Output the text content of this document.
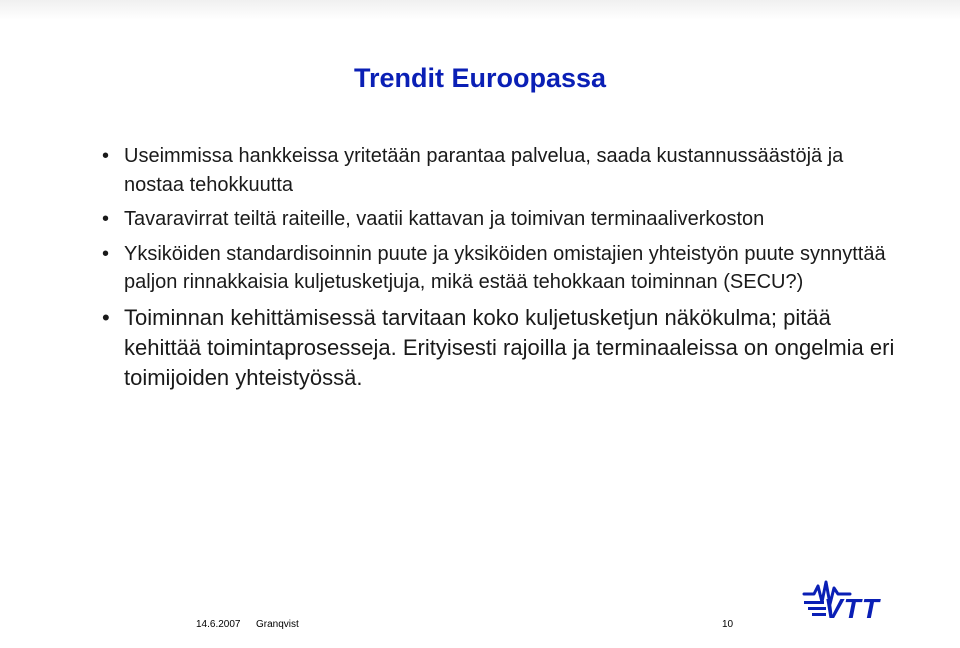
Trendit Euroopassa
• Useimmissa hankkeissa yritetään parantaa palvelua, saada kustannussäästöjä ja nostaa tehokkuutta
• Tavaravirrat teiltä raiteille, vaatii kattavan ja toimivan terminaaliverkoston
• Yksiköiden standardisoinnin puute ja yksiköiden omistajien yhteistyön puute synnyttää paljon rinnakkaisia kuljetusketjuja, mikä estää tehokkaan toiminnan (SECU?)
• Toiminnan kehittämisessä tarvitaan koko kuljetusketjun näkökulma; pitää kehittää toimintaprosesseja. Erityisesti rajoilla ja terminaaleissa on ongelmia eri toimijoiden yhteistyössä.
14.6.2007 Granqvist	10
VTT
